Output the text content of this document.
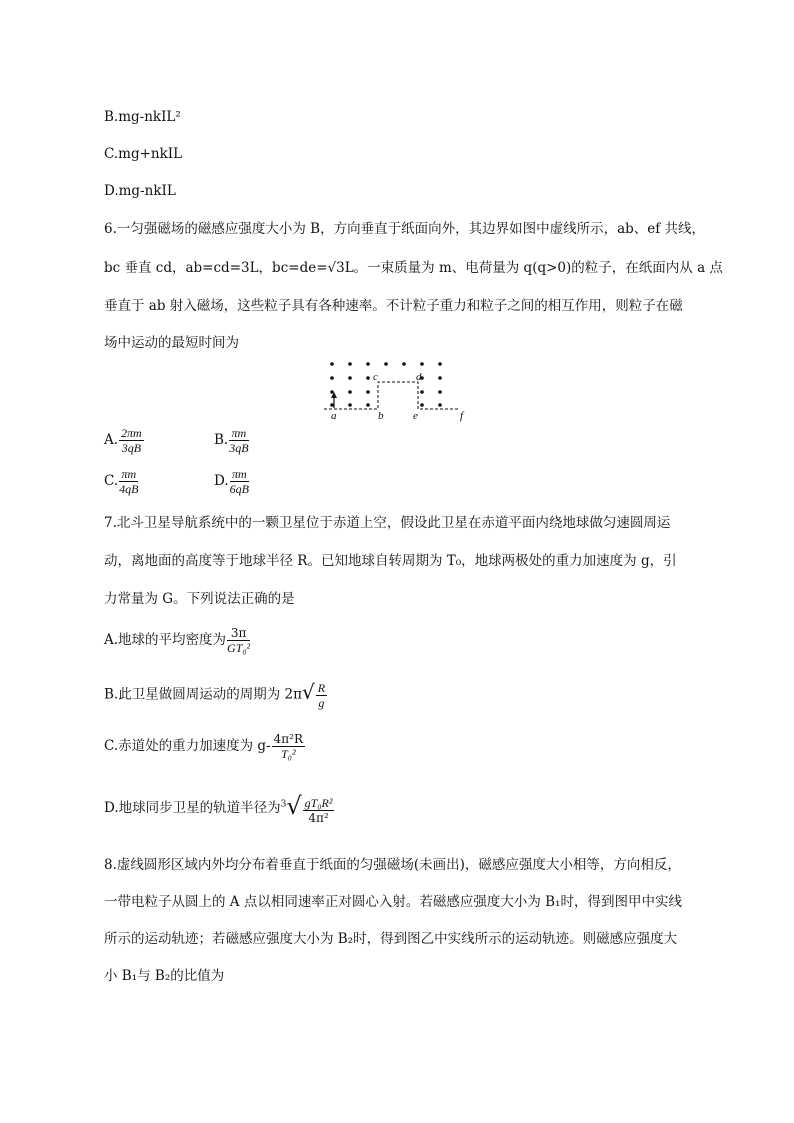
B.mg-nkIL²
C.mg+nkIL
D.mg-nkIL
6.一匀强磁场的磁感应强度大小为 B，方向垂直于纸面向外，其边界如图中虚线所示，ab、ef 共线，
bc 垂直 cd，ab=cd=3L，bc=de=√3L。一束质量为 m、电荷量为 q(q>0)的粒子，在纸面内从 a 点
垂直于 ab 射入磁场，这些粒子具有各种速率。不计粒子重力和粒子之间的相互作用，则粒子在磁
场中运动的最短时间为
a	b
c	d
e	f
A. $\frac{2\pi m}{3qB}$	B. $\frac{\pi m}{3qB}$
C. $\frac{\pi m}{4qB}$	D. $\frac{\pi m}{6qB}$
7.北斗卫星导航系统中的一颗卫星位于赤道上空，假设此卫星在赤道平面内绕地球做匀速圆周运
动，离地面的高度等于地球半径 R。已知地球自转周期为 T₀，地球两极处的重力加速度为 g，引
力常量为 G。下列说法正确的是
A.地球的平均密度为 $\frac{3\pi}{\text{GT₀²}}$
B.此卫星做圆周运动的周期为 $2\pi√ \frac{R}{g}$
C.赤道处的重力加速度为 $g- \frac{\text{4π²R}}{\text{T₀²}}$
D.地球同步卫星的轨道半径为$^3√ \frac{\text{gT₀R²}}{\text{4π²}}$
8.虚线圆形区域内外均分布着垂直于纸面的匀强磁场(未画出)，磁感应强度大小相等，方向相反，
一带电粒子从圆上的 A 点以相同速率正对圆心入射。若磁感应强度大小为 B₁时，得到图甲中实线
所示的运动轨迹；若磁感应强度大小为 B₂时，得到图乙中实线所示的运动轨迹。则磁感应强度大
小 B₁与 B₂的比值为
